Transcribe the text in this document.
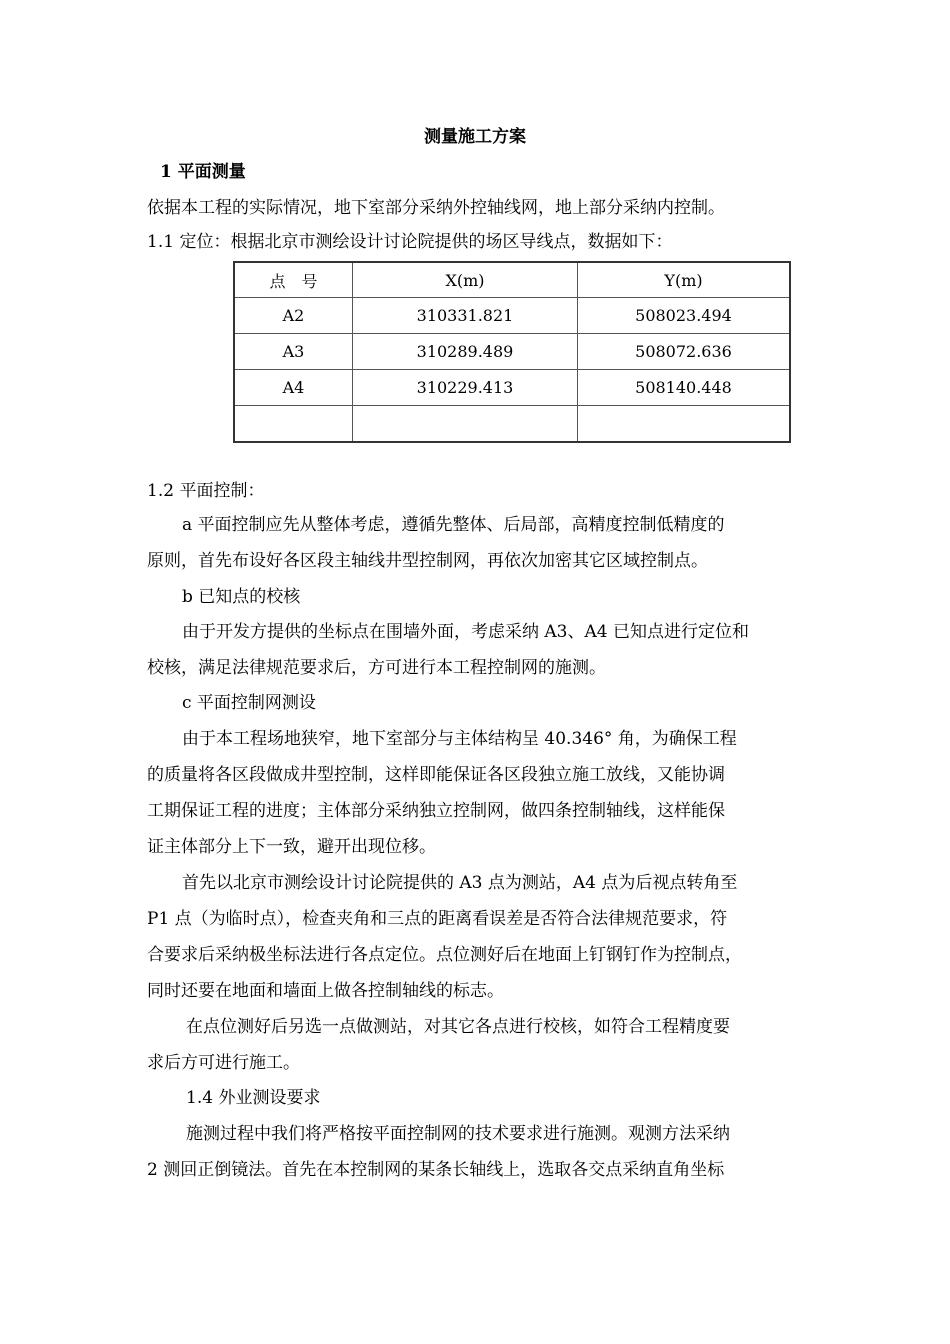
测量施工方案
1 平面测量
依据本工程的实际情况，地下室部分采纳外控轴线网，地上部分采纳内控制。
1.1 定位：根据北京市测绘设计讨论院提供的场区导线点，数据如下：
点　号	X(m)	Y(m)
A2	310331.821	508023.494
A3	310289.489	508072.636
A4	310229.413	508140.448

1.2 平面控制：
a 平面控制应先从整体考虑，遵循先整体、后局部，高精度控制低精度的
原则，首先布设好各区段主轴线井型控制网，再依次加密其它区域控制点。
b 已知点的校核
由于开发方提供的坐标点在围墙外面，考虑采纳 A3、A4 已知点进行定位和
校核，满足法律规范要求后，方可进行本工程控制网的施测。
c 平面控制网测设
由于本工程场地狭窄，地下室部分与主体结构呈 40.346° 角，为确保工程
的质量将各区段做成井型控制，这样即能保证各区段独立施工放线，又能协调
工期保证工程的进度；主体部分采纳独立控制网，做四条控制轴线，这样能保
证主体部分上下一致，避开出现位移。
首先以北京市测绘设计讨论院提供的 A3 点为测站，A4 点为后视点转角至
P1 点（为临时点），检查夹角和三点的距离看误差是否符合法律规范要求，符
合要求后采纳极坐标法进行各点定位。点位测好后在地面上钉钢钉作为控制点，
同时还要在地面和墙面上做各控制轴线的标志。
在点位测好后另选一点做测站，对其它各点进行校核，如符合工程精度要
求后方可进行施工。
1.4 外业测设要求
施测过程中我们将严格按平面控制网的技术要求进行施测。观测方法采纳
2 测回正倒镜法。首先在本控制网的某条长轴线上，选取各交点采纳直角坐标
